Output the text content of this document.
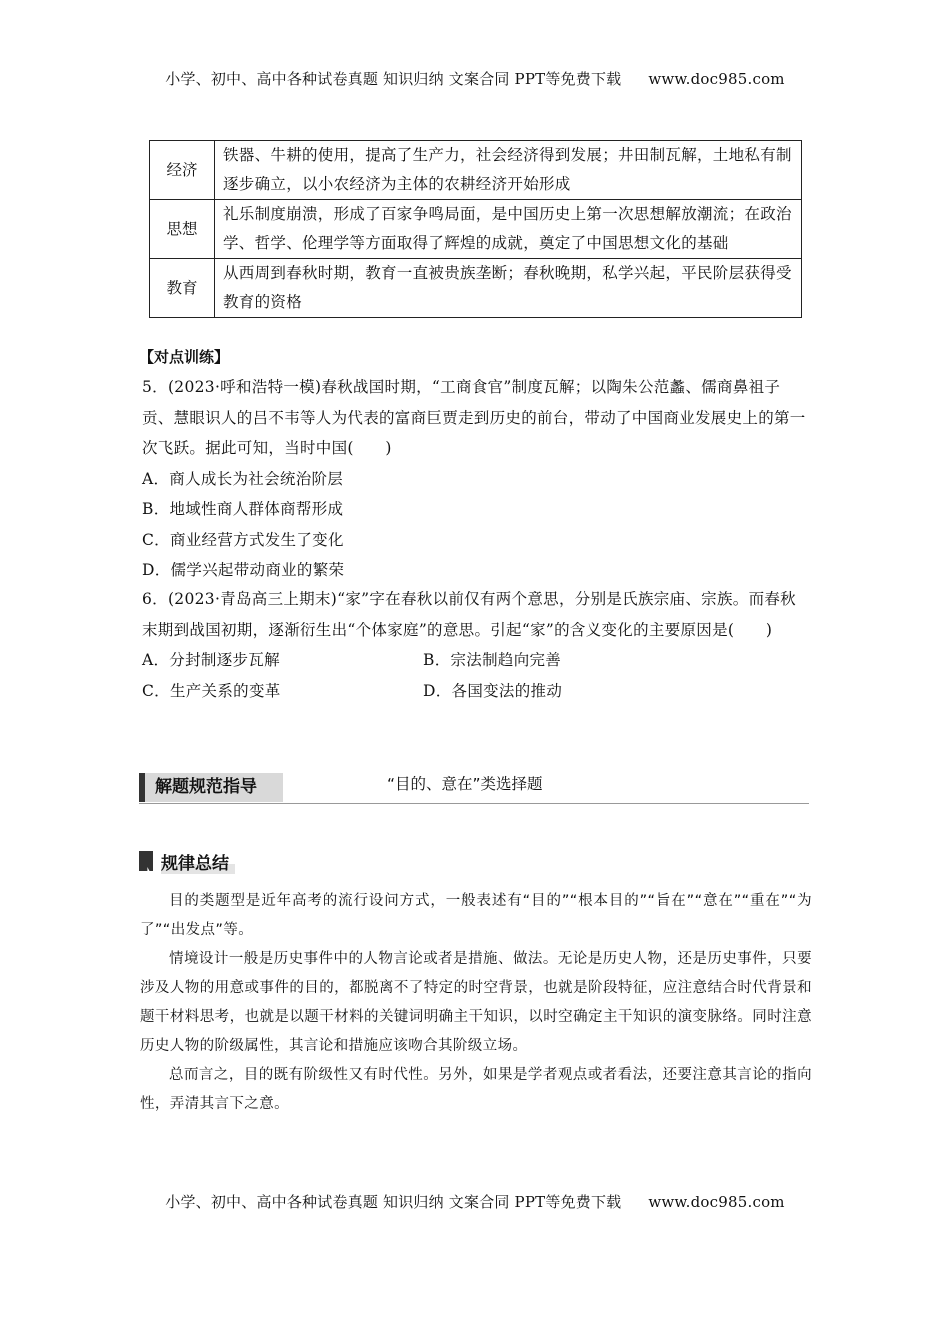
小学、初中、高中各种试卷真题 知识归纳 文案合同 PPT等免费下载 www.doc985.com
经济	铁器、牛耕的使用，提高了生产力，社会经济得到发展；井田制瓦解，土地私有制逐步确立，以小农经济为主体的农耕经济开始形成
思想	礼乐制度崩溃，形成了百家争鸣局面，是中国历史上第一次思想解放潮流；在政治学、哲学、伦理学等方面取得了辉煌的成就，奠定了中国思想文化的基础
教育	从西周到春秋时期，教育一直被贵族垄断；春秋晚期，私学兴起，平民阶层获得受教育的资格
【对点训练】

5．(2023·呼和浩特一模)春秋战国时期，“工商食官”制度瓦解；以陶朱公范蠡、儒商鼻祖子贡、慧眼识人的吕不韦等人为代表的富商巨贾走到历史的前台，带动了中国商业发展史上的第一次飞跃。据此可知，当时中国(　　)

A．商人成长为社会统治阶层
B．地域性商人群体商帮形成
C．商业经营方式发生了变化
D．儒学兴起带动商业的繁荣

6．(2023·青岛高三上期末)“家”字在春秋以前仅有两个意思，分别是氏族宗庙、宗族。而春秋末期到战国初期，逐渐衍生出“个体家庭”的意思。引起“家”的含义变化的主要原因是(　　)

A．分封制逐步瓦解	B．宗法制趋向完善
C．生产关系的变革	D．各国变法的推动
解题规范指导	“目的、意在”类选择题
规律总结

目的类题型是近年高考的流行设问方式，一般表述有“目的”“根本目的”“旨在”“意在”“重在”“为了”“出发点”等。

情境设计一般是历史事件中的人物言论或者是措施、做法。无论是历史人物，还是历史事件，只要涉及人物的用意或事件的目的，都脱离不了特定的时空背景，也就是阶段特征，应注意结合时代背景和题干材料思考，也就是以题干材料的关键词明确主干知识，以时空确定主干知识的演变脉络。同时注意历史人物的阶级属性，其言论和措施应该吻合其阶级立场。

总而言之，目的既有阶级性又有时代性。另外，如果是学者观点或者看法，还要注意其言论的指向性，弄清其言下之意。

小学、初中、高中各种试卷真题 知识归纳 文案合同 PPT等免费下载 www.doc985.com
